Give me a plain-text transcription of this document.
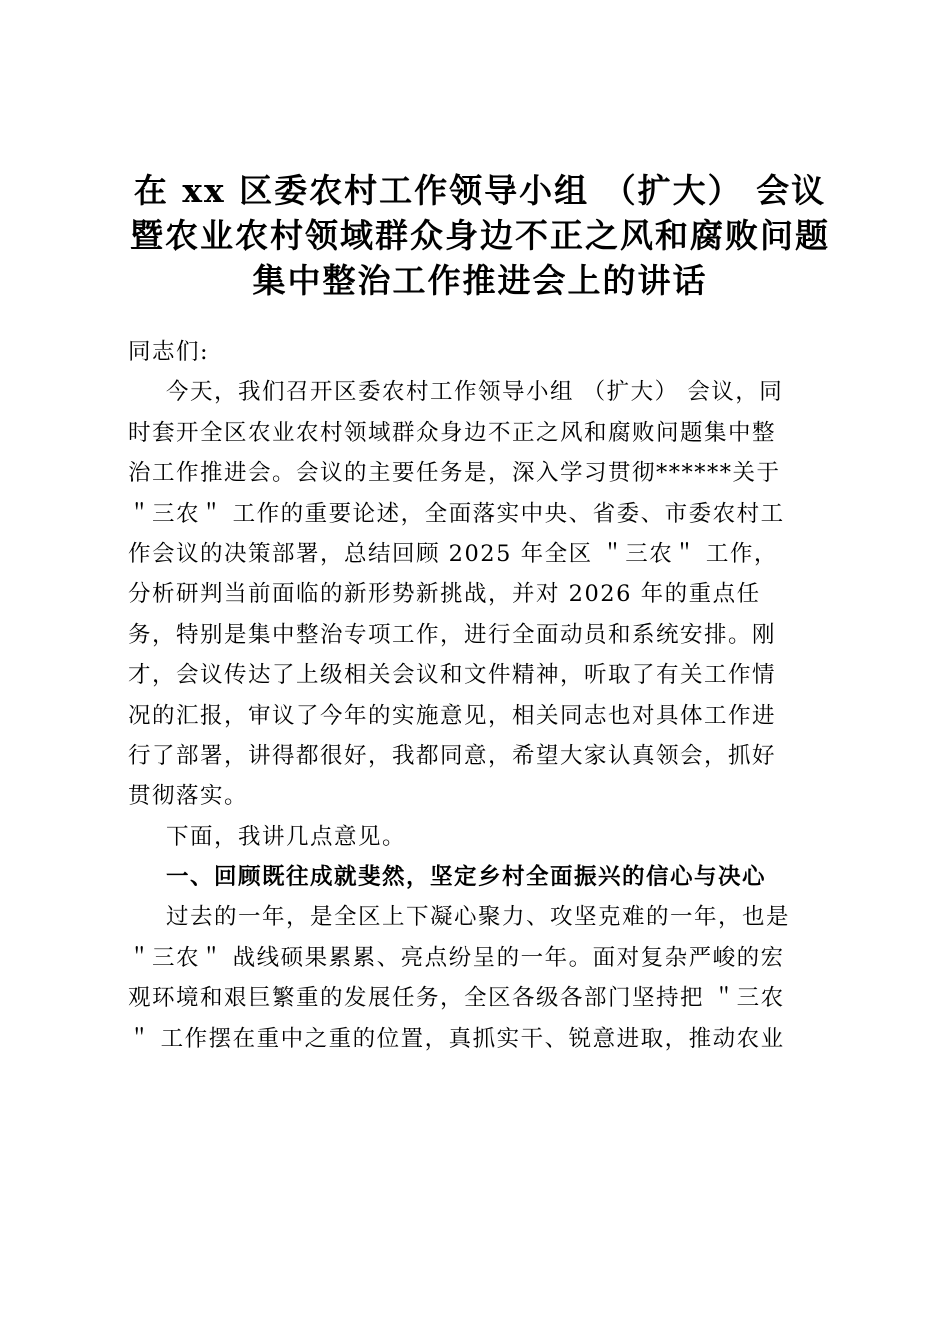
在 xx 区委农村工作领导小组 （扩大） 会议
暨农业农村领域群众身边不正之风和腐败问题
集中整治工作推进会上的讲话
同志们:
今天，我们召开区委农村工作领导小组 （扩大） 会议，同
时套开全区农业农村领域群众身边不正之风和腐败问题集中整
治工作推进会。会议的主要任务是，深入学习贯彻******关于
＂三农＂ 工作的重要论述，全面落实中央、省委、市委农村工
作会议的决策部署，总结回顾 2025 年全区 ＂三农＂ 工作，
分析研判当前面临的新形势新挑战，并对 2026 年的重点任
务，特别是集中整治专项工作，进行全面动员和系统安排。刚
才，会议传达了上级相关会议和文件精神，听取了有关工作情
况的汇报，审议了今年的实施意见，相关同志也对具体工作进
行了部署，讲得都很好，我都同意，希望大家认真领会，抓好
贯彻落实。
下面，我讲几点意见。
一、回顾既往成就斐然，坚定乡村全面振兴的信心与决心
过去的一年，是全区上下凝心聚力、攻坚克难的一年，也是
＂三农＂ 战线硕果累累、亮点纷呈的一年。面对复杂严峻的宏
观环境和艰巨繁重的发展任务，全区各级各部门坚持把 ＂三农
＂ 工作摆在重中之重的位置，真抓实干、锐意进取，推动农业
